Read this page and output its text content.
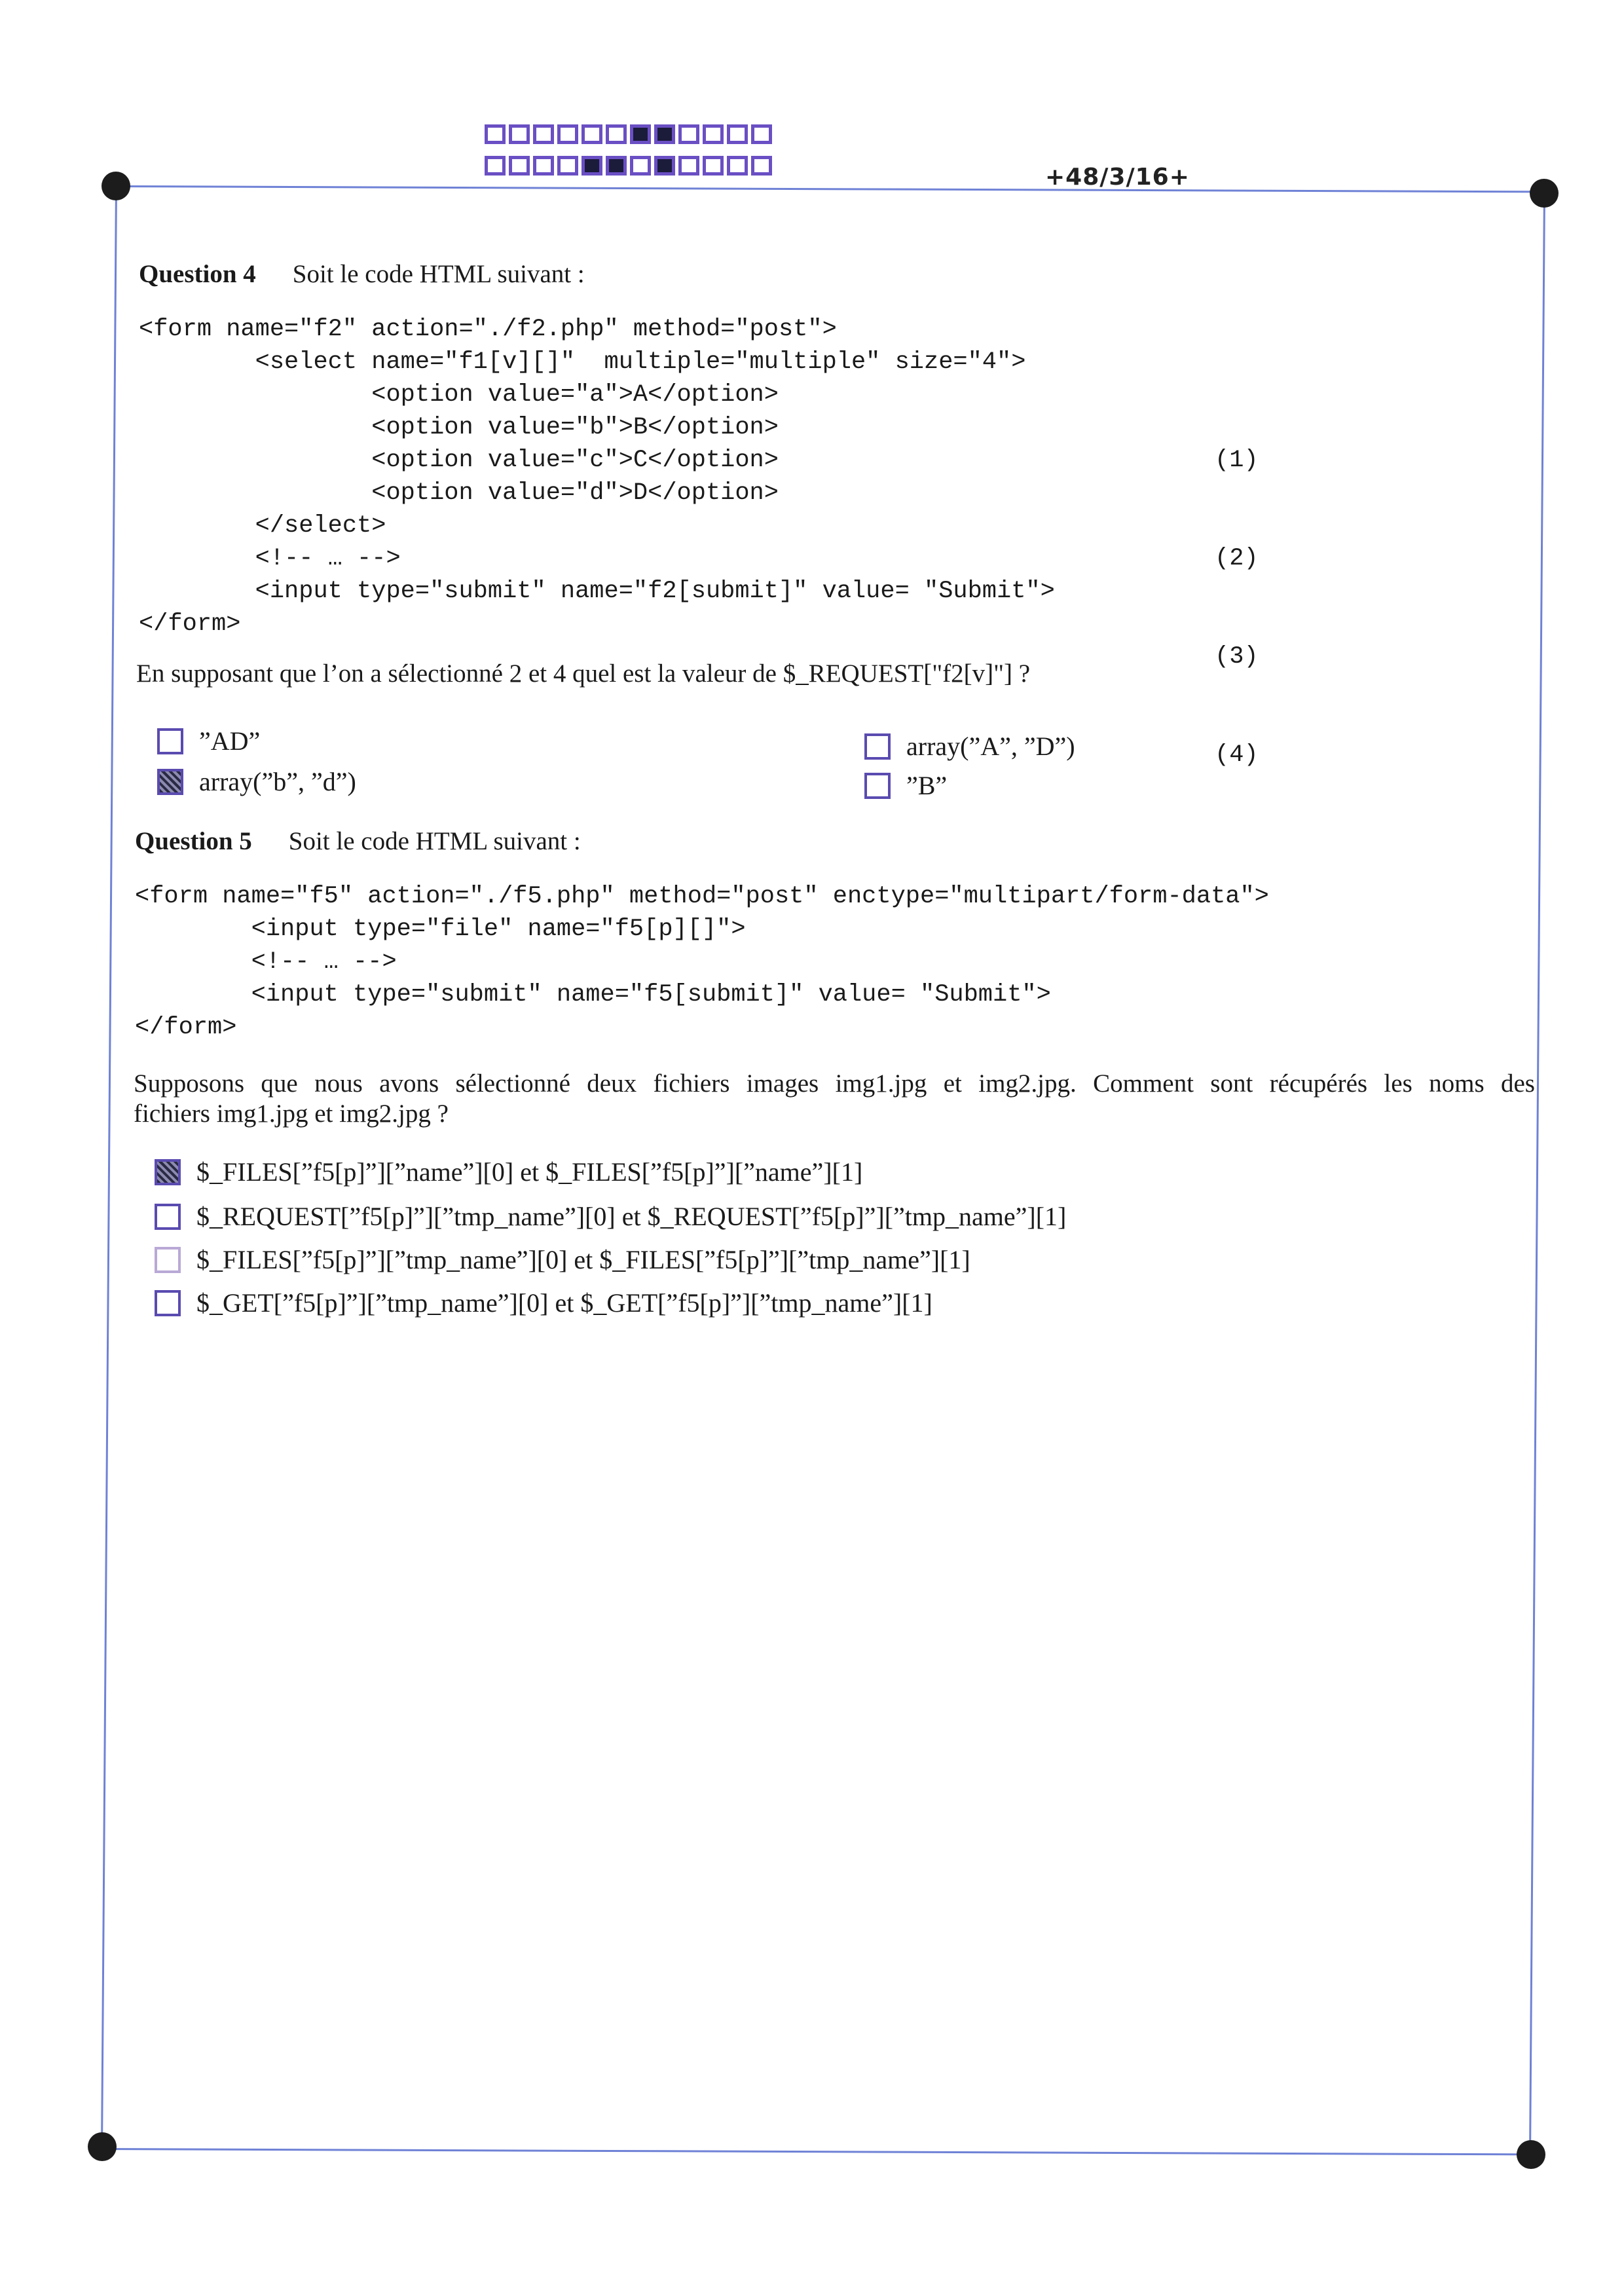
+48/3/16+
Question 4 Soit le code HTML suivant :
<form name="f2" action="./f2.php" method="post">
<select name="f1[v][]"  multiple="multiple" size="4">
<option value="a">A</option>
<option value="b">B</option>
<option value="c">C</option>
<option value="d">D</option>
</select>
<!-- … -->
<input type="submit" name="f2[submit]" value= "Submit">
</form>

(1)

(2)

(3)

(4)

En supposant que l’on a sélectionné 2 et 4 quel est la valeur de $_REQUEST["f2[v]"] ?
”AD”
array(”b”, ”d”)
array(”A”, ”D”)
”B”
Question 5 Soit le code HTML suivant :
<form name="f5" action="./f5.php" method="post" enctype="multipart/form-data">
<input type="file" name="f5[p][]">
<!-- … -->
<input type="submit" name="f5[submit]" value= "Submit">
</form>
Supposons que nous avons sélectionné deux fichiers images img1.jpg et img2.jpg. Comment sont récupérés les noms des
fichiers img1.jpg et img2.jpg ?
$_FILES[”f5[p]”][”name”][0] et $_FILES[”f5[p]”][”name”][1]
$_REQUEST[”f5[p]”][”tmp_name”][0] et $_REQUEST[”f5[p]”][”tmp_name”][1]
$_FILES[”f5[p]”][”tmp_name”][0] et $_FILES[”f5[p]”][”tmp_name”][1]
$_GET[”f5[p]”][”tmp_name”][0] et $_GET[”f5[p]”][”tmp_name”][1]
